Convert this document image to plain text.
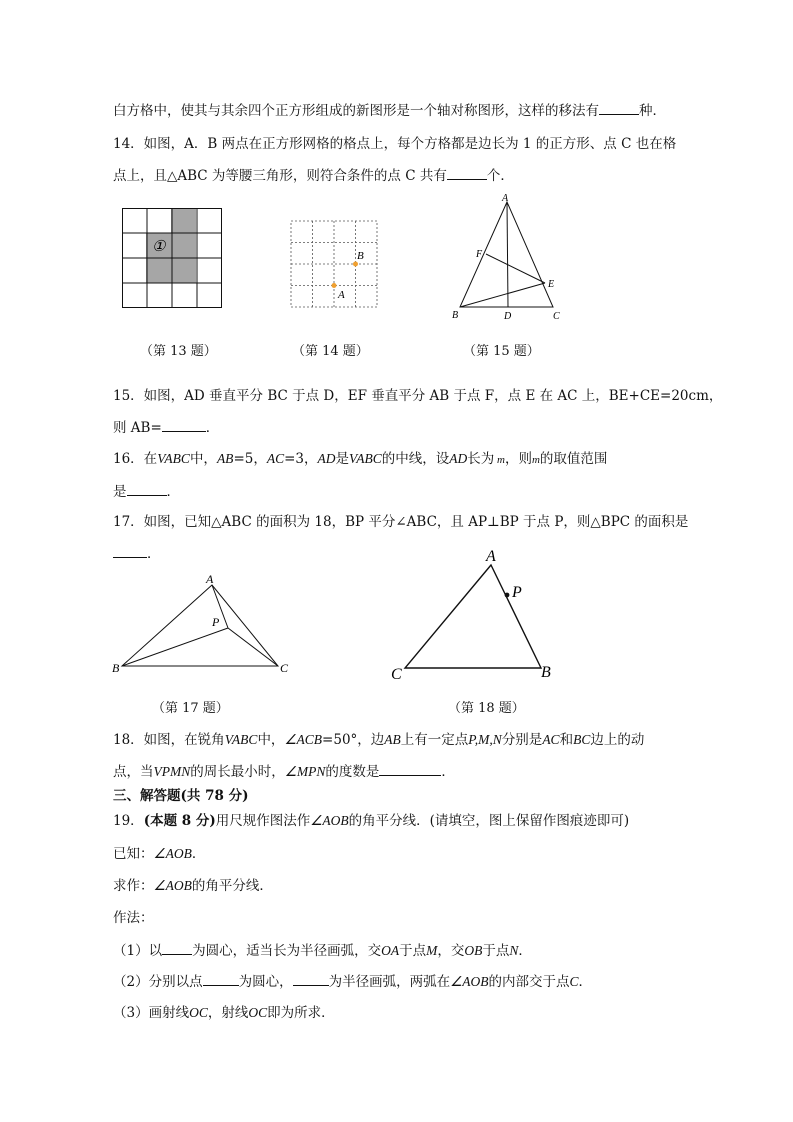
白方格中，使其与其余四个正方形组成的新图形是一个轴对称图形，这样的移法有	种．
14．如图，A．B 两点在正方形网格的格点上，每个方格都是边长为 1 的正方形、点 C 也在格
点上，且△ABC 为等腰三角形，则符合条件的点 C 共有	个．
①
（第 13 题）
B
A
（第 14 题）
A
F
E
B	D	C
（第 15 题）
15．如图，AD 垂直平分 BC 于点 D，EF 垂直平分 AB 于点 F，点 E 在 AC 上，BE+CE=20cm，
则 AB=	．
16．在VABC中，AB=5，AC=3，AD是VABC的中线，设AD长为 m，则m的取值范围
是	．
17．如图，已知△ABC 的面积为 18，BP 平分∠ABC，且 AP⊥BP 于点 P，则△BPC 的面积是
．
A
P
B	C
（第 17 题）
A
P
C	B
（第 18 题）
18．如图，在锐角VABC中，∠ACB=50°，边AB上有一定点P,M,N分别是AC和BC边上的动
点，当VPMN的周长最小时，∠MPN的度数是	．
三、解答题(共 78 分)
19．(本题 8 分)用尺规作图法作∠AOB的角平分线．(请填空，图上保留作图痕迹即可)
已知：∠AOB．
求作：∠AOB的角平分线．
作法：
（1）以 为圆心，适当长为半径画弧，交OA于点M，交OB于点N．
（2）分别以点	为圆心，	为半径画弧，两弧在∠AOB的内部交于点C．
（3）画射线OC，射线OC即为所求．
